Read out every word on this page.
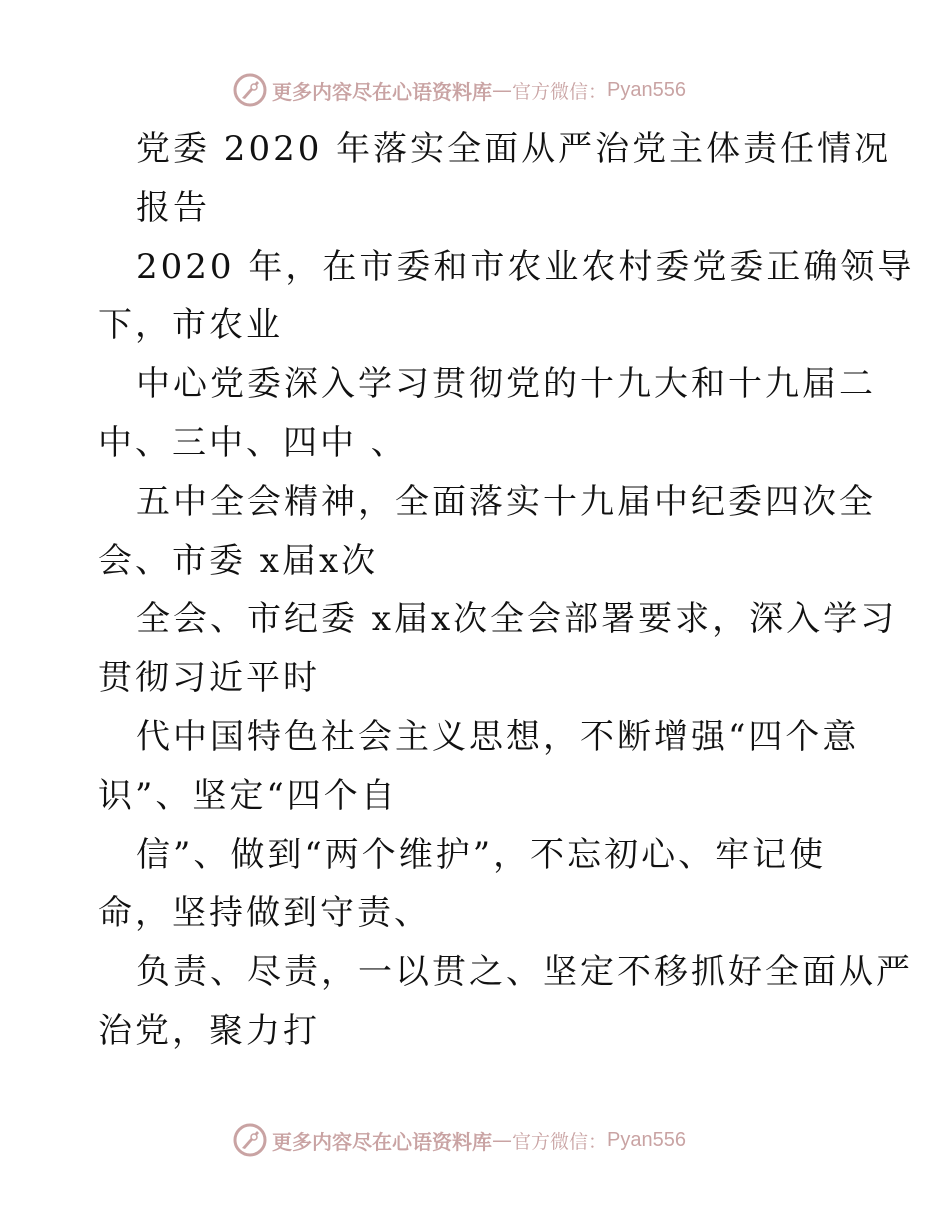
更多内容尽在心语资料库 — 官方微信： Pyan556
党委 2020 年落实全面从严治党主体责任情况
报告
2020 年，在市委和市农业农村委党委正确领导
下，市农业
中心党委深入学习贯彻党的十九大和十九届二
中、三中、四中 、
五中全会精神，全面落实十九届中纪委四次全
会、市委 x届x次
全会、市纪委 x届x次全会部署要求，深入学习
贯彻习近平时
代中国特色社会主义思想，不断增强“四个意
识”、坚定“四个自
信”、做到“两个维护”，不忘初心、牢记使
命，坚持做到守责、
负责、尽责，一以贯之、坚定不移抓好全面从严
治党，聚力打
更多内容尽在心语资料库 — 官方微信： Pyan556
